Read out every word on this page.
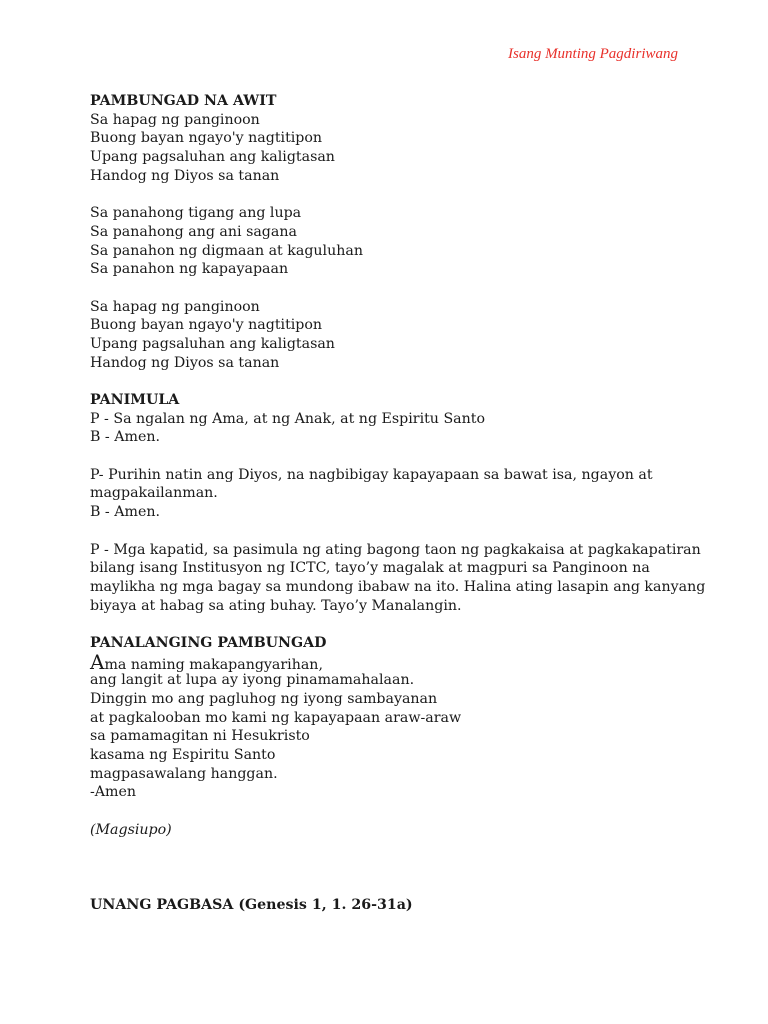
Isang Munting Pagdiriwang
PAMBUNGAD NA AWIT
Sa hapag ng panginoon
Buong bayan ngayo'y nagtitipon
Upang pagsaluhan ang kaligtasan
Handog ng Diyos sa tanan
Sa panahong tigang ang lupa
Sa panahong ang ani sagana
Sa panahon ng digmaan at kaguluhan
Sa panahon ng kapayapaan
Sa hapag ng panginoon
Buong bayan ngayo'y nagtitipon
Upang pagsaluhan ang kaligtasan
Handog ng Diyos sa tanan
PANIMULA
P - Sa ngalan ng Ama, at ng Anak, at ng Espiritu Santo
B - Amen.
P- Purihin natin ang Diyos, na nagbibigay kapayapaan sa bawat isa, ngayon at
magpakailanman.
B - Amen.
P - Mga kapatid, sa pasimula ng ating bagong taon ng pagkakaisa at pagkakapatiran
bilang isang Institusyon ng ICTC, tayo’y magalak at magpuri sa Panginoon na
maylikha ng mga bagay sa mundong ibabaw na ito. Halina ating lasapin ang kanyang
biyaya at habag sa ating buhay. Tayo’y Manalangin.
PANALANGING PAMBUNGAD
Ama naming makapangyarihan,
ang langit at lupa ay iyong pinamamahalaan.
Dinggin mo ang pagluhog ng iyong sambayanan
at pagkalooban mo kami ng kapayapaan araw-araw
sa pamamagitan ni Hesukristo
kasama ng Espiritu Santo
magpasawalang hanggan.
-Amen
(Magsiupo)
UNANG PAGBASA (Genesis 1, 1. 26-31a)
